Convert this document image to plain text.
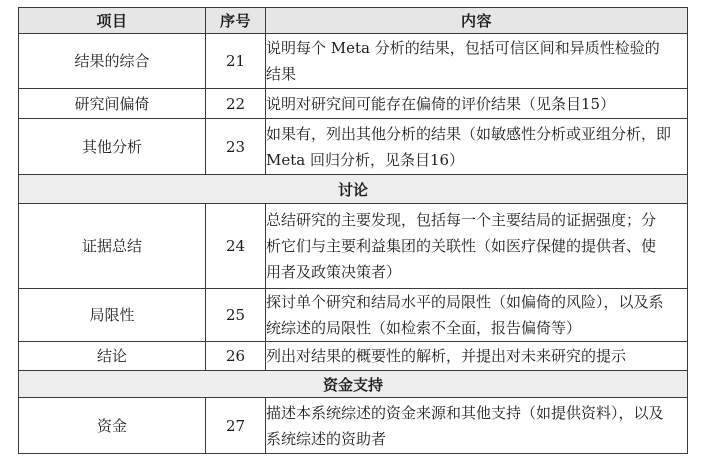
项目	序号	内容
结果的综合	21	说明每个 Meta 分析的结果，包括可信区间和异质性检验的
结果

研究间偏倚	22	说明对研究间可能存在偏倚的评价结果（见条目15）

其他分析	23	如果有，列出其他分析的结果（如敏感性分析或亚组分析，即
Meta 回归分析，见条目16）

讨论		
证据总结	24	总结研究的主要发现，包括每一个主要结局的证据强度；分
析它们与主要利益集团的关联性（如医疗保健的提供者、使
用者及政策决策者）

局限性	25	探讨单个研究和结局水平的局限性（如偏倚的风险），以及系
统综述的局限性（如检索不全面，报告偏倚等）

结论	26	列出对结果的概要性的解析，并提出对未来研究的提示

资金支持		
资金	27	描述本系统综述的资金来源和其他支持（如提供资料），以及
系统综述的资助者
